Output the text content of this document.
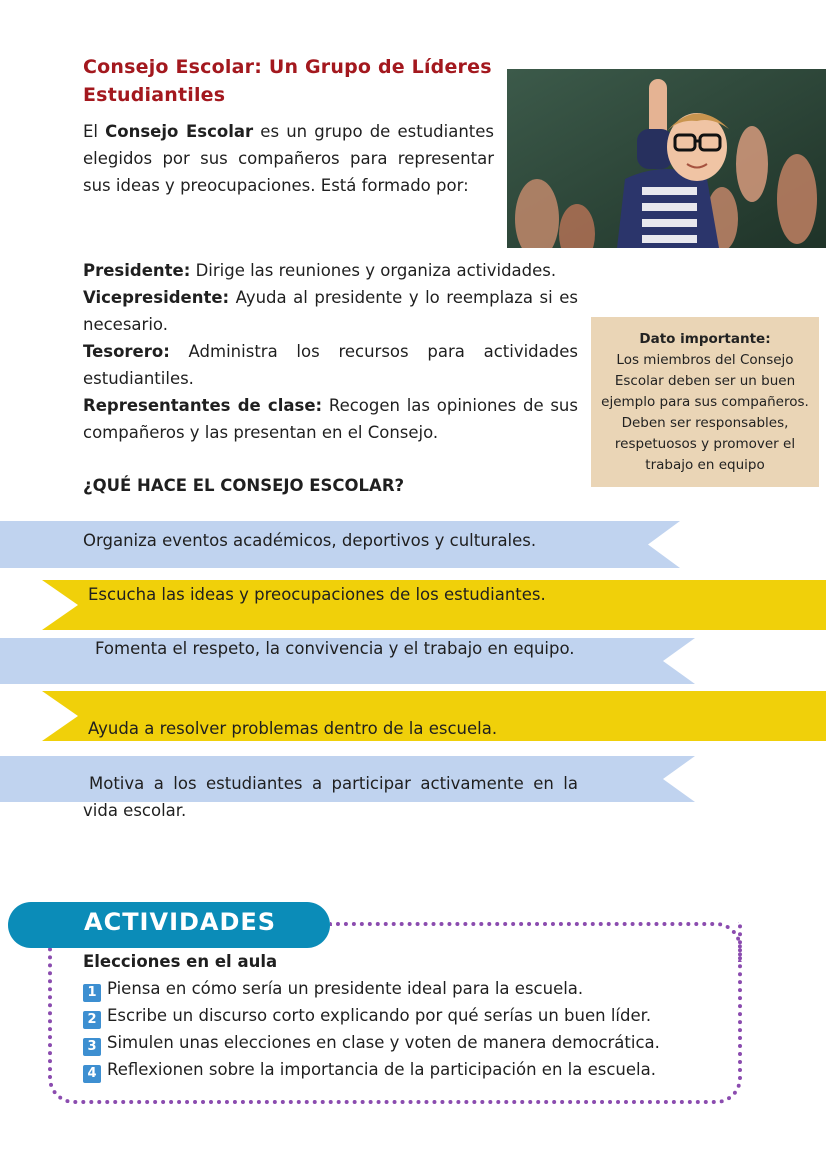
Consejo Escolar: Un Grupo de Líderes Estudiantiles
El Consejo Escolar es un grupo de estudiantes elegidos por sus compañeros para representar sus ideas y preocupaciones. Está formado por:

Presidente: Dirige las reuniones y organiza actividades.

Vicepresidente: Ayuda al presidente y lo reemplaza si es necesario.

Tesorero: Administra los recursos para actividades estudiantiles.

Representantes de clase: Recogen las opiniones de sus compañeros y las presentan en el Consejo.

Dato importante:
Los miembros del Consejo Escolar deben ser un buen ejemplo para sus compañeros. Deben ser responsables, respetuosos y promover el trabajo en equipo
¿QUÉ HACE EL CONSEJO ESCOLAR?
Organiza eventos académicos, deportivos y culturales.
Escucha las ideas y preocupaciones de los estudiantes.
Fomenta el respeto, la convivencia y el trabajo en equipo.
Ayuda a resolver problemas dentro de la escuela.
Motiva a los estudiantes a participar activamente en la vida escolar.
ACTIVIDADES
Elecciones en el aula
1 Piensa en cómo sería un presidente ideal para la escuela.
2 Escribe un discurso corto explicando por qué serías un buen líder.
3 Simulen unas elecciones en clase y voten de manera democrática.
4 Reflexionen sobre la importancia de la participación en la escuela.
